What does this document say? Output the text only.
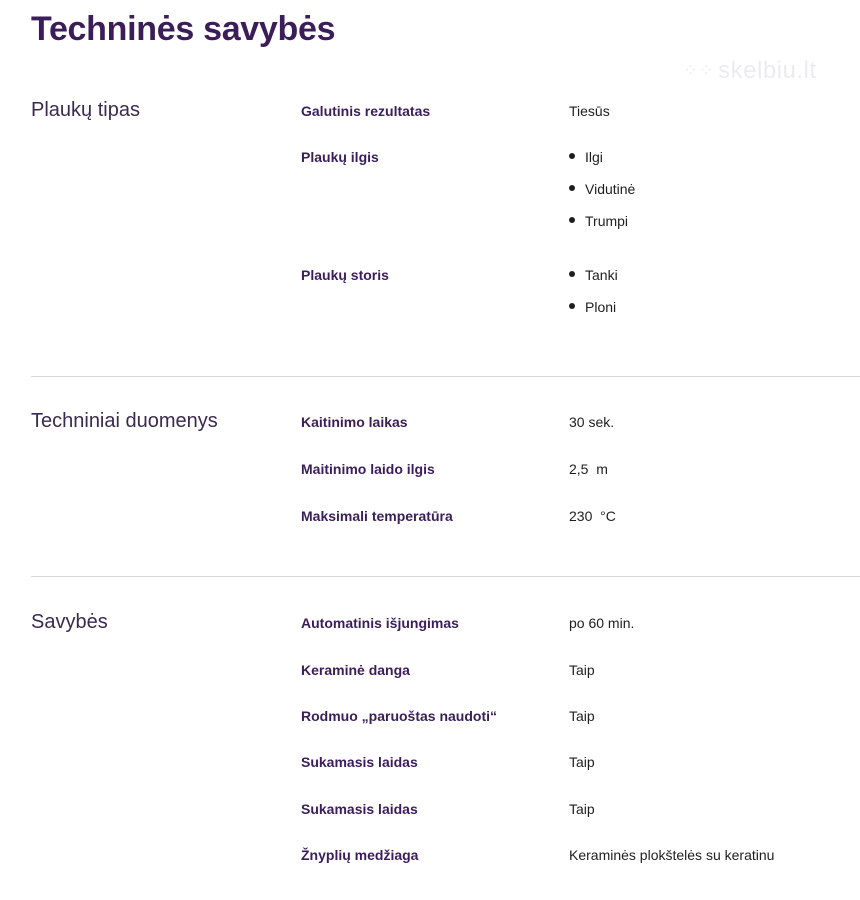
Techninės savybės
⁘⁘ skelbiu.lt
Plaukų tipas	Galutinis rezultatas	Tiesūs
Plaukų ilgis	Ilgi
Vidutinė
Trumpi
Plaukų storis	Tanki
Ploni
Techniniai duomenys	Kaitinimo laikas	30 sek.
Maitinimo laido ilgis	2,5  m
Maksimali temperatūra	230  °C
Savybės	Automatinis išjungimas	po 60 min.
Keraminė danga	Taip
Rodmuo „paruoštas naudoti“	Taip
Sukamasis laidas	Taip
Sukamasis laidas	Taip
Žnyplių medžiaga	Keraminės plokštelės su keratinu
